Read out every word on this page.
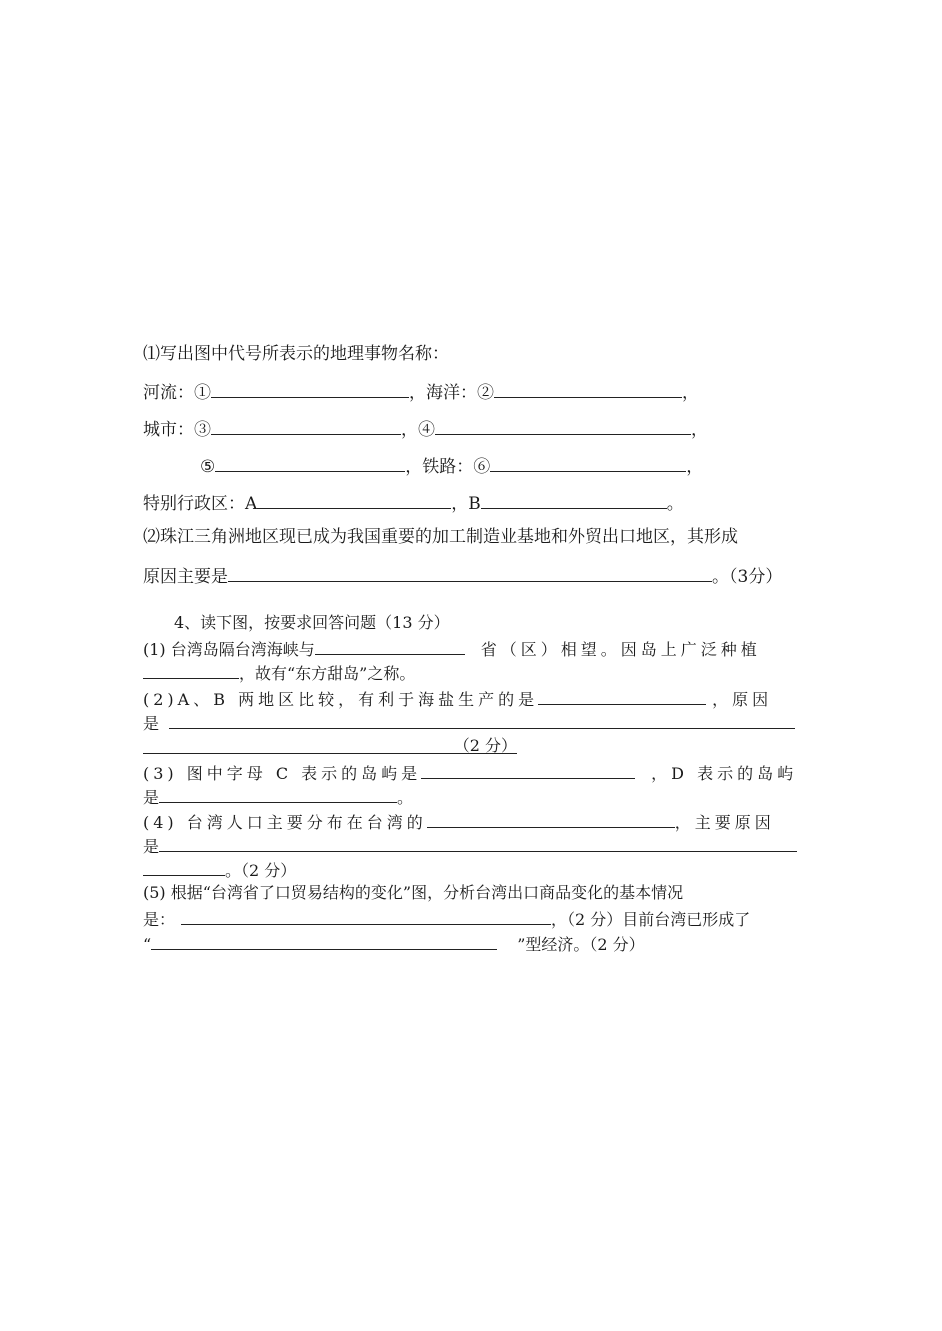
⑴写出图中代号所表示的地理事物名称：
河流：①	，海洋：②	，
城市：③	，④	，
⑤	，铁路：⑥	，
特别行政区：A	，B	。
⑵珠江三角洲地区现已成为我国重要的加工制造业基地和外贸出口地区，其形成
原因主要是	。（3分）
4、读下图，按要求回答问题（13 分）
(1) 台湾岛隔台湾海峡与	省（区）相望。因岛上广泛种植
，故有“东方甜岛”之称。
(2)A、B 两地区比较，有利于海盐生产的是	，原因
是
（2 分）
(3) 图中字母 C 表示的岛屿是	，D 表示的岛屿
是	。
(4) 台湾人口主要分布在台湾的	，主要原因
是
。（2 分）
(5) 根据“台湾省了口贸易结构的变化”图，分析台湾出口商品变化的基本情况
是：	，（2 分）目前台湾已形成了
“	”型经济。（2 分）
